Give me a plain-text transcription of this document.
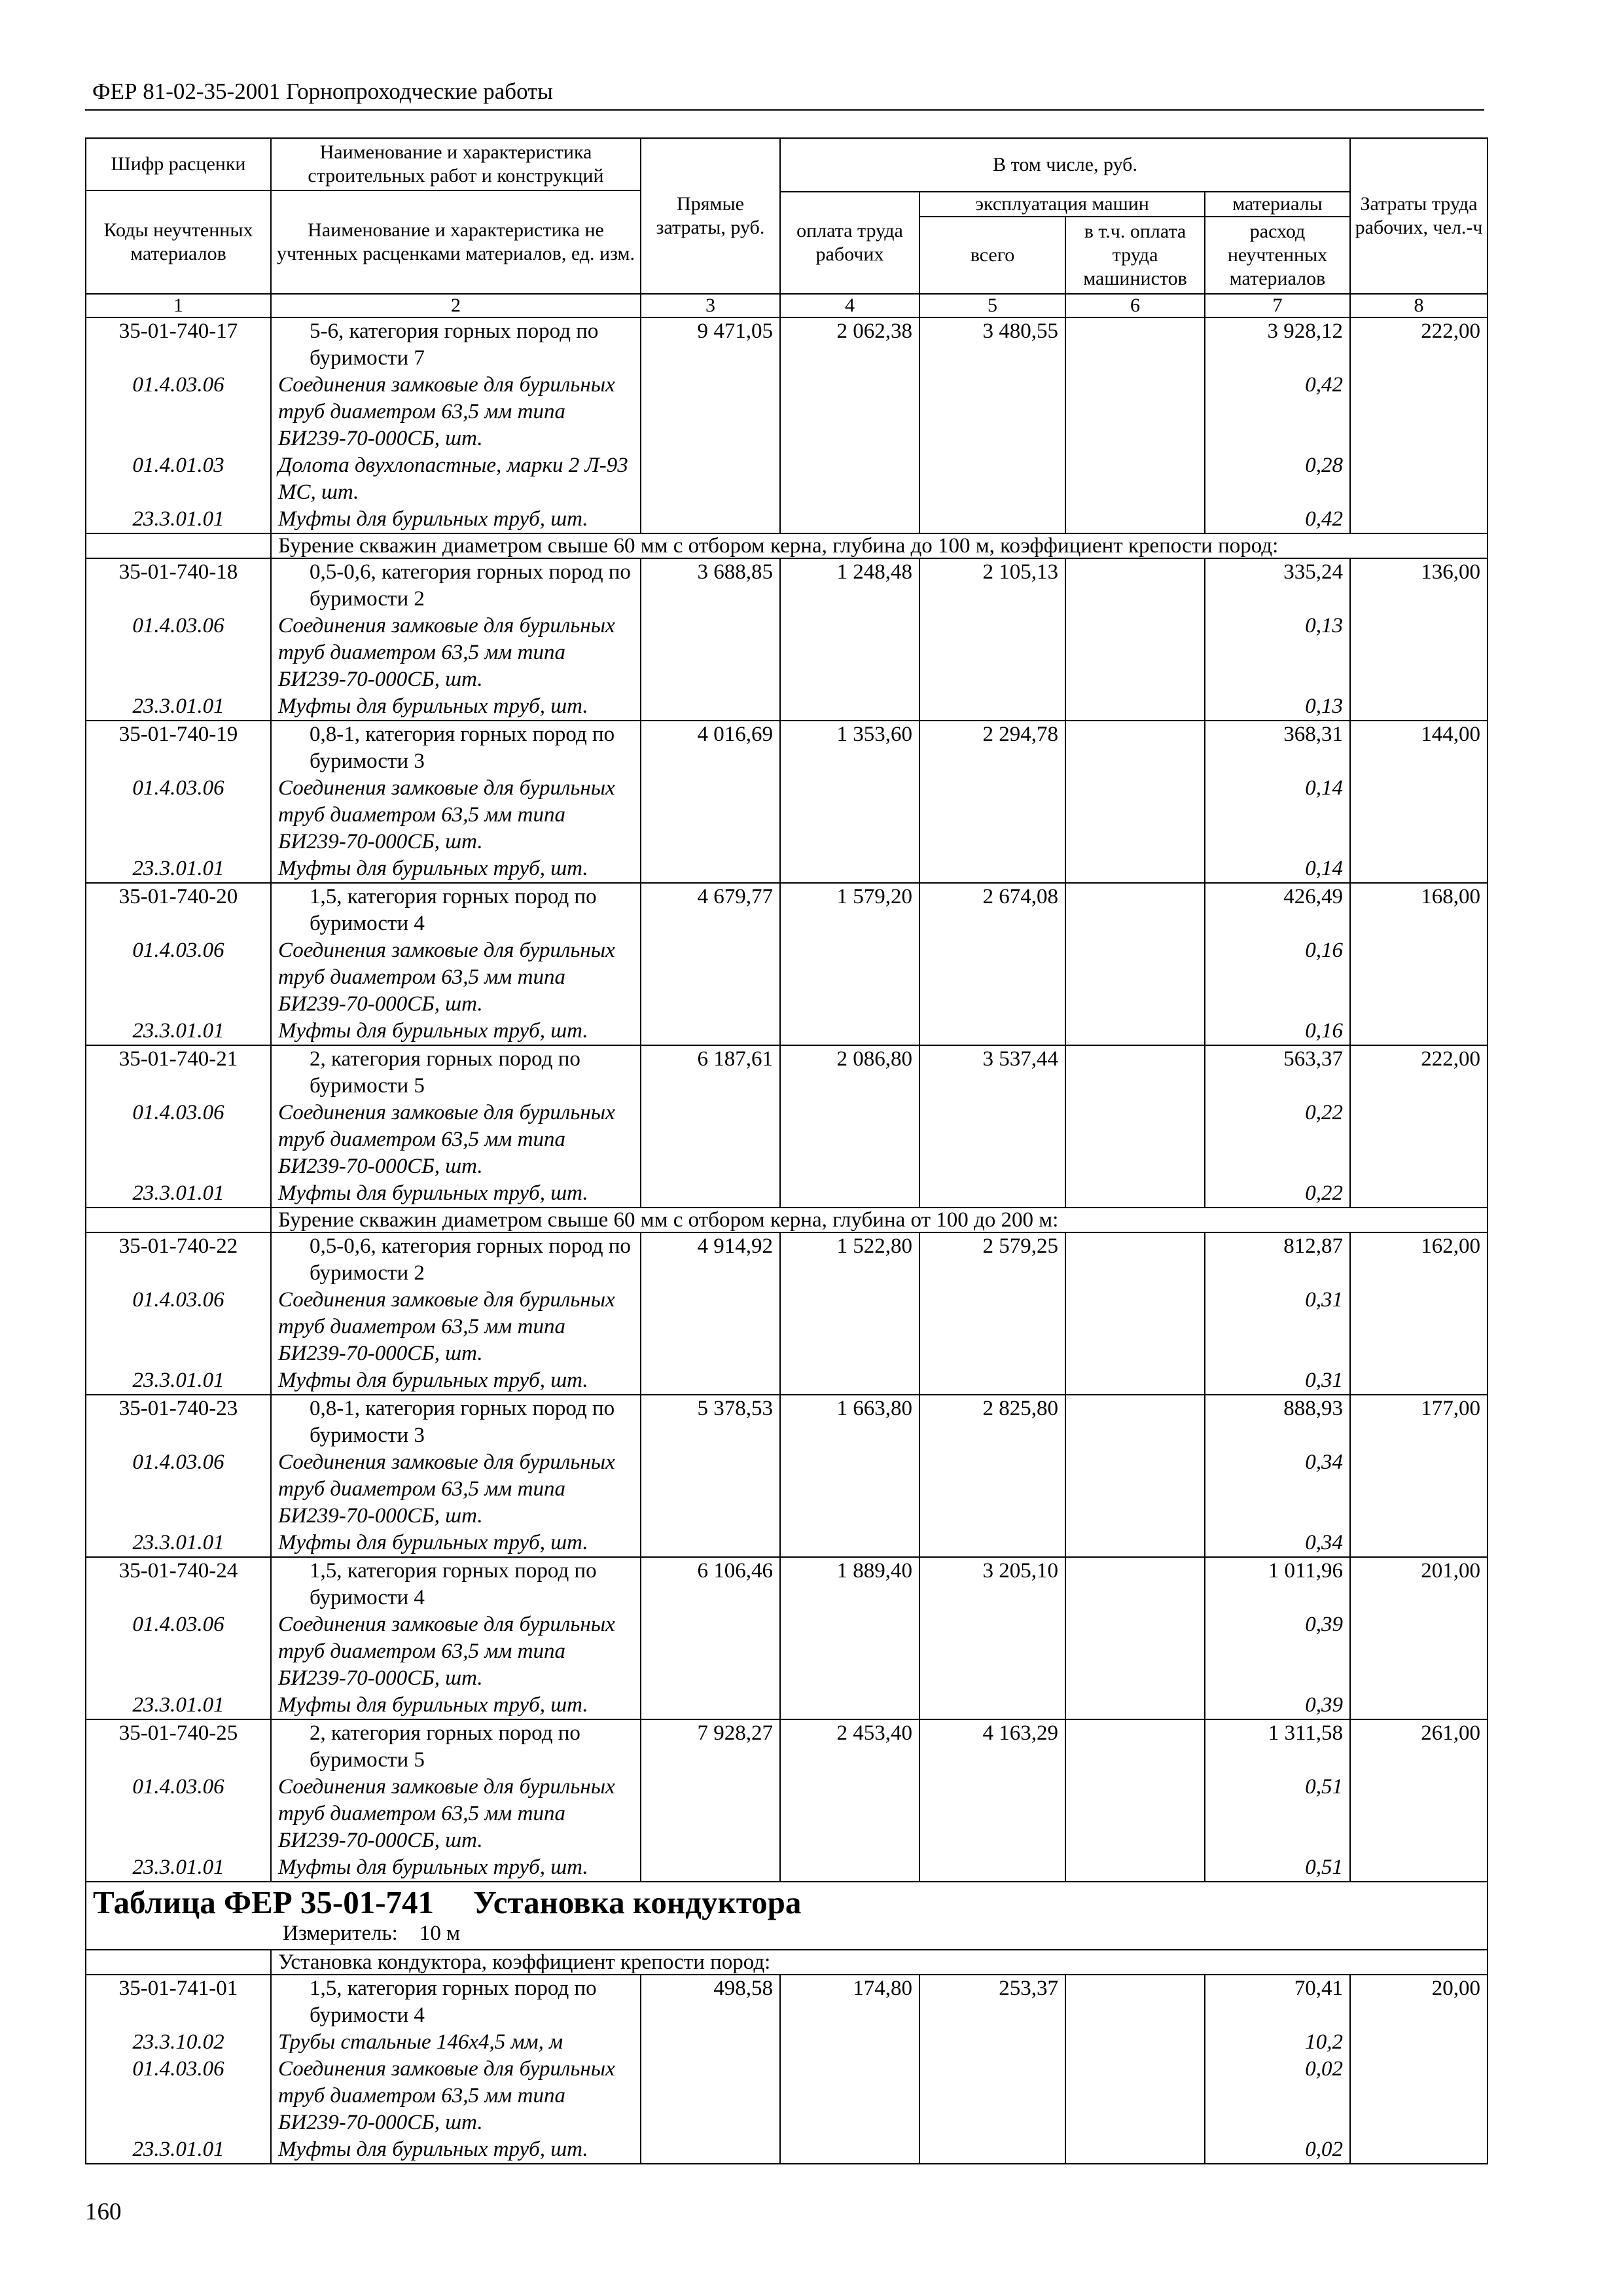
ФЕР 81-02-35-2001 Горнопроходческие работы
Шифр расценки	Наименование и характеристика строительных работ и конструкций	Прямые затраты, руб.	В том числе, руб.				Затраты труда рабочих, чел.-ч
Коды неучтенных материалов	Наименование и характеристика не учтенных расценками материалов, ед. изм.						
			оплата труда рабочих	эксплуатация машин		материалы	
				всего	в т.ч. оплата труда машинистов	расход неучтенных материалов	
1	2	3	4	5	6	7	8
35-01-740-17	5-6, категория горных пород по буримости 7	9 471,05	2 062,38	3 480,55		3 928,12	222,00
01.4.03.06	Соединения замковые для бурильных труб диаметром 63,5 мм типа БИ239-70-000СБ, шт.					0,42	
01.4.01.03	Долота двухлопастные, марки 2 Л-93 МС, шт.					0,28	
23.3.01.01	Муфты для бурильных труб, шт.					0,42	
	Бурение скважин диаметром свыше 60 мм с отбором керна, глубина до 100 м, коэффициент крепости пород:						
35-01-740-18	0,5-0,6, категория горных пород по буримости 2	3 688,85	1 248,48	2 105,13		335,24	136,00
01.4.03.06	Соединения замковые для бурильных труб диаметром 63,5 мм типа БИ239-70-000СБ, шт.					0,13	
23.3.01.01	Муфты для бурильных труб, шт.					0,13	
35-01-740-19	0,8-1, категория горных пород по буримости 3	4 016,69	1 353,60	2 294,78		368,31	144,00
01.4.03.06	Соединения замковые для бурильных труб диаметром 63,5 мм типа БИ239-70-000СБ, шт.					0,14	
23.3.01.01	Муфты для бурильных труб, шт.					0,14	
35-01-740-20	1,5, категория горных пород по буримости 4	4 679,77	1 579,20	2 674,08		426,49	168,00
01.4.03.06	Соединения замковые для бурильных труб диаметром 63,5 мм типа БИ239-70-000СБ, шт.					0,16	
23.3.01.01	Муфты для бурильных труб, шт.					0,16	
35-01-740-21	2, категория горных пород по буримости 5	6 187,61	2 086,80	3 537,44		563,37	222,00
01.4.03.06	Соединения замковые для бурильных труб диаметром 63,5 мм типа БИ239-70-000СБ, шт.					0,22	
23.3.01.01	Муфты для бурильных труб, шт.					0,22	
	Бурение скважин диаметром свыше 60 мм с отбором керна, глубина от 100 до 200 м:						
35-01-740-22	0,5-0,6, категория горных пород по буримости 2	4 914,92	1 522,80	2 579,25		812,87	162,00
01.4.03.06	Соединения замковые для бурильных труб диаметром 63,5 мм типа БИ239-70-000СБ, шт.					0,31	
23.3.01.01	Муфты для бурильных труб, шт.					0,31	
35-01-740-23	0,8-1, категория горных пород по буримости 3	5 378,53	1 663,80	2 825,80		888,93	177,00
01.4.03.06	Соединения замковые для бурильных труб диаметром 63,5 мм типа БИ239-70-000СБ, шт.					0,34	
23.3.01.01	Муфты для бурильных труб, шт.					0,34	
35-01-740-24	1,5, категория горных пород по буримости 4	6 106,46	1 889,40	3 205,10		1 011,96	201,00
01.4.03.06	Соединения замковые для бурильных труб диаметром 63,5 мм типа БИ239-70-000СБ, шт.					0,39	
23.3.01.01	Муфты для бурильных труб, шт.					0,39	
35-01-740-25	2, категория горных пород по буримости 5	7 928,27	2 453,40	4 163,29		1 311,58	261,00
01.4.03.06	Соединения замковые для бурильных труб диаметром 63,5 мм типа БИ239-70-000СБ, шт.					0,51	
23.3.01.01	Муфты для бурильных труб, шт.					0,51	

Таблица ФЕР 35-01-741 Установка кондуктора
Измеритель:    10 м							

	Установка кондуктора, коэффициент крепости пород:						
35-01-741-01	1,5, категория горных пород по буримости 4	498,58	174,80	253,37		70,41	20,00
23.3.10.02	Трубы стальные 146х4,5 мм, м					10,2	
01.4.03.06	Соединения замковые для бурильных труб диаметром 63,5 мм типа БИ239-70-000СБ, шт.					0,02	
23.3.01.01	Муфты для бурильных труб, шт.					0,02	
160
